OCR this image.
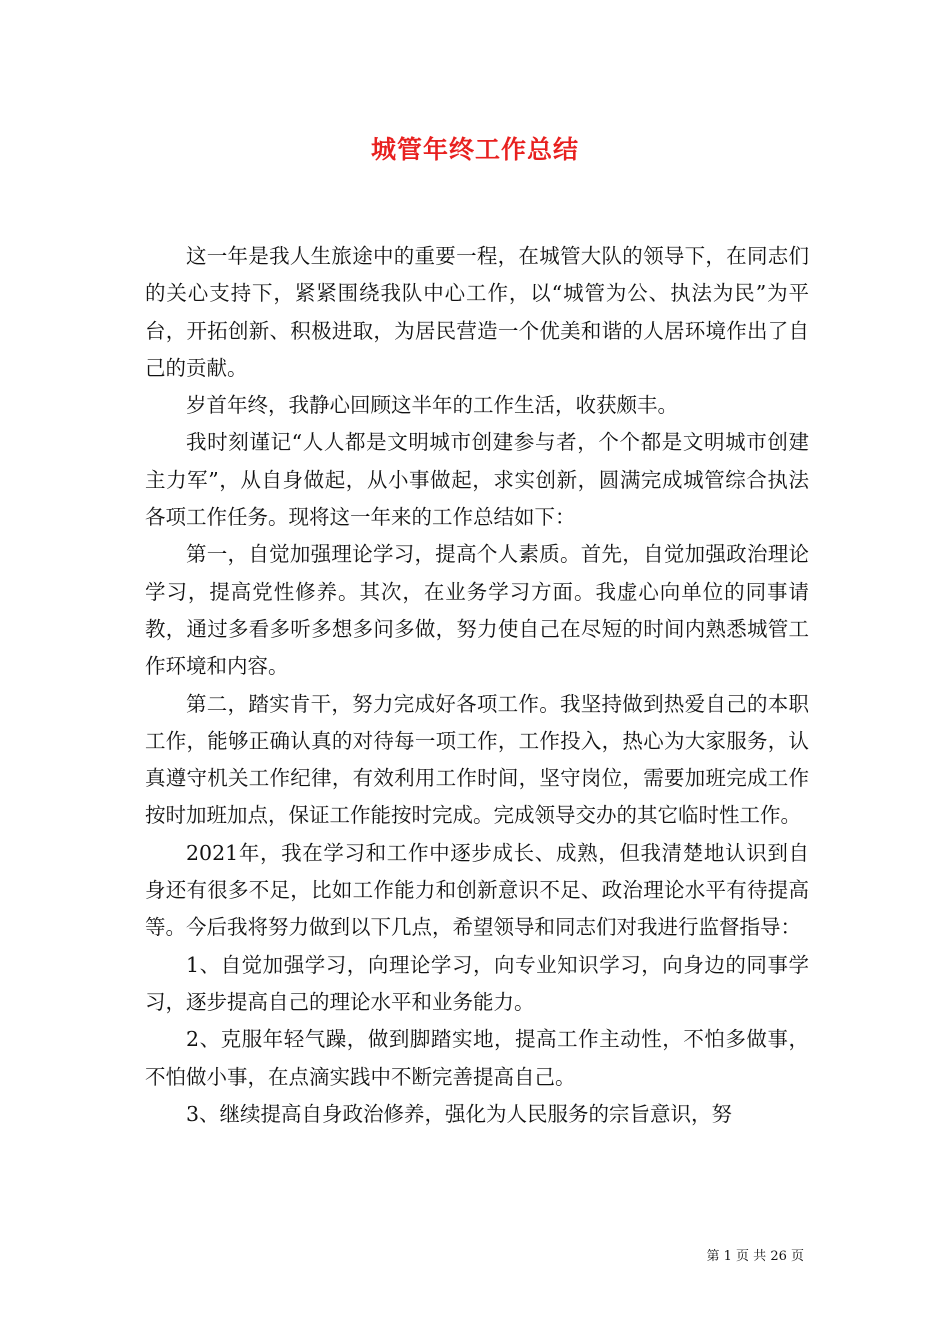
城管年终工作总结

这一年是我人生旅途中的重要一程，在城管大队的领导下，在同志们的关心支持下，紧紧围绕我队中心工作，以“城管为公、执法为民”为平台，开拓创新、积极进取，为居民营造一个优美和谐的人居环境作出了自己的贡献。

岁首年终，我静心回顾这半年的工作生活，收获颇丰。

我时刻谨记“人人都是文明城市创建参与者，个个都是文明城市创建主力军”，从自身做起，从小事做起，求实创新，圆满完成城管综合执法各项工作任务。现将这一年来的工作总结如下：

第一，自觉加强理论学习，提高个人素质。首先，自觉加强政治理论学习，提高党性修养。其次，在业务学习方面。我虚心向单位的同事请教，通过多看多听多想多问多做，努力使自己在尽短的时间内熟悉城管工作环境和内容。

第二，踏实肯干，努力完成好各项工作。我坚持做到热爱自己的本职工作，能够正确认真的对待每一项工作，工作投入，热心为大家服务，认真遵守机关工作纪律，有效利用工作时间，坚守岗位，需要加班完成工作按时加班加点，保证工作能按时完成。完成领导交办的其它临时性工作。

2021年，我在学习和工作中逐步成长、成熟，但我清楚地认识到自身还有很多不足，比如工作能力和创新意识不足、政治理论水平有待提高等。今后我将努力做到以下几点，希望领导和同志们对我进行监督指导：

1、自觉加强学习，向理论学习，向专业知识学习，向身边的同事学习，逐步提高自己的理论水平和业务能力。

2、克服年轻气躁，做到脚踏实地，提高工作主动性，不怕多做事，不怕做小事，在点滴实践中不断完善提高自己。

3、继续提高自身政治修养，强化为人民服务的宗旨意识，努

第 1 页 共 26 页
